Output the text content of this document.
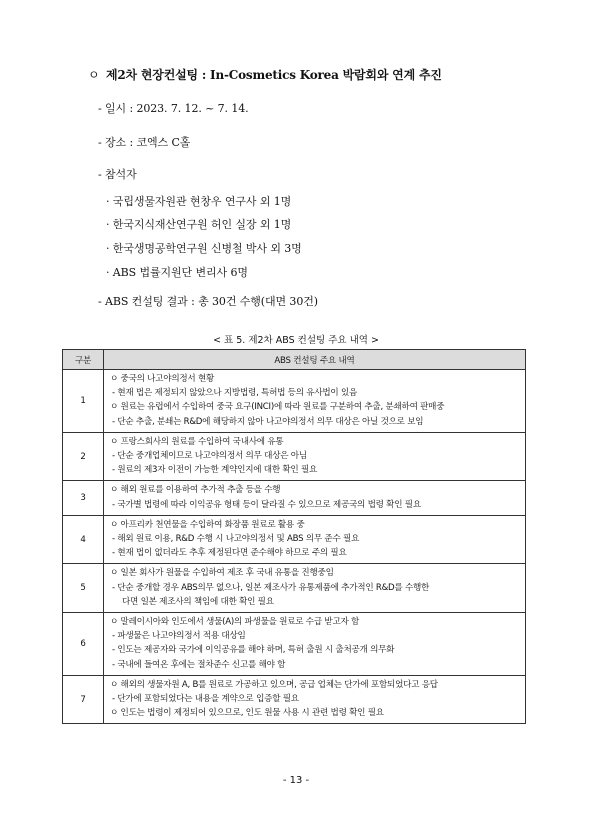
ㅇ 제2차 현장컨설팅 : In-Cosmetics Korea 박람회와 연계 추진
- 일시 : 2023. 7. 12. ~ 7. 14.
- 장소 : 코엑스 C홀
- 참석자
· 국립생물자원관 현창우 연구사 외 1명
· 한국지식재산연구원 허인 실장 외 1명
· 한국생명공학연구원 신병철 박사 외 3명
· ABS 법률지원단 변리사 6명
- ABS 컨설팅 결과 : 총 30건 수행(대면 30건)
< 표 5. 제2차 ABS 컨설팅 주요 내역 >
구분	ABS 컨설팅 주요 내역
1	ㅇ 중국의 나고야의정서 현황
- 현재 법은 제정되지 않았으나 지방법령, 특허법 등의 유사법이 있음
ㅇ 원료는 유럽에서 수입하여 중국 요구(INCI)에 따라 원료를 구분하여 추출, 분쇄하여 판매중
- 단순 추출, 분쇄는 R&D에 해당하지 않아 나고야의정서 의무 대상은 아닐 것으로 보임

2	ㅇ 프랑스회사의 원료를 수입하여 국내사에 유통
- 단순 중개업체이므로 나고야의정서 의무 대상은 아님
- 원료의 제3자 이전이 가능한 계약인지에 대한 확인 필요

3	ㅇ 해외 원료를 이용하여 추가적 추출 등을 수행
- 국가별 법령에 따라 이익공유 형태 등이 달라질 수 있으므로 제공국의 법령 확인 필요

4	ㅇ 아프리카 천연물을 수입하여 화장품 원료로 활용 중
- 해외 원료 이용, R&D 수행 시 나고야의정서 및 ABS 의무 준수 필요
- 현재 법이 없더라도 추후 제정된다면 준수해야 하므로 주의 필요

5	ㅇ 일본 회사가 원물을 수입하여 제조 후 국내 유통을 진행중임
- 단순 중개할 경우 ABS의무 없으나, 일본 제조사가 유통제품에 추가적인 R&D를 수행한
다면 일본 제조사의 책임에 대한 확인 필요

6	ㅇ 말레이시아와 인도에서 생물(A)의 파생물을 원료로 수급 받고자 함
- 파생물은 나고야의정서 적용 대상임
- 인도는 제공자와 국가에 이익공유를 해야 하며, 특허 출원 시 출처공개 의무화
- 국내에 들여온 후에는 절차준수 신고를 해야 함

7	ㅇ 해외의 생물자원 A, B를 원료로 가공하고 있으며, 공급 업체는 단가에 포함되었다고 응답
- 단가에 포함되었다는 내용을 계약으로 입증할 필요
ㅇ 인도는 법령이 제정되어 있으므로, 인도 원물 사용 시 관련 법령 확인 필요
- 13 -
